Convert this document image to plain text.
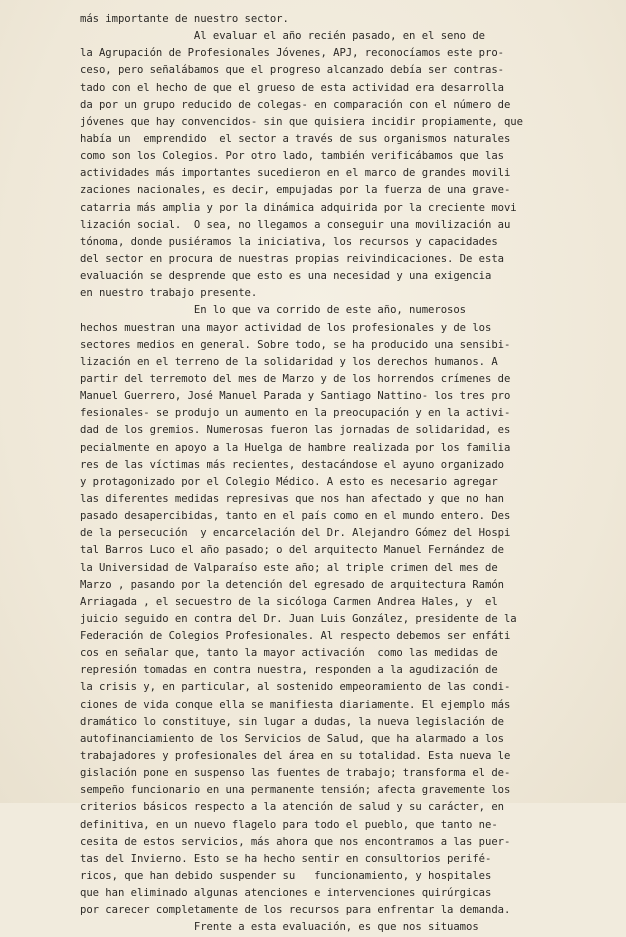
más importante de nuestro sector.
Al evaluar el año recién pasado, en el seno de
la Agrupación de Profesionales Jóvenes, APJ, reconocíamos este pro-
ceso, pero señalábamos que el progreso alcanzado debía ser contras-
tado con el hecho de que el grueso de esta actividad era desarrolla
da por un grupo reducido de colegas- en comparación con el número de
jóvenes que hay convencidos- sin que quisiera incidir propiamente, que
había un  emprendido  el sector a través de sus organismos naturales
como son los Colegios. Por otro lado, también verificábamos que las
actividades más importantes sucedieron en el marco de grandes movili
zaciones nacionales, es decir, empujadas por la fuerza de una grave-
catarria más amplia y por la dinámica adquirida por la creciente movi
lización social.  O sea, no llegamos a conseguir una movilización au
tónoma, donde pusiéramos la iniciativa, los recursos y capacidades
del sector en procura de nuestras propias reivindicaciones. De esta
evaluación se desprende que esto es una necesidad y una exigencia
en nuestro trabajo presente.
En lo que va corrido de este año, numerosos
hechos muestran una mayor actividad de los profesionales y de los
sectores medios en general. Sobre todo, se ha producido una sensibi-
lización en el terreno de la solidaridad y los derechos humanos. A
partir del terremoto del mes de Marzo y de los horrendos crímenes de
Manuel Guerrero, José Manuel Parada y Santiago Nattino- los tres pro
fesionales- se produjo un aumento en la preocupación y en la activi-
dad de los gremios. Numerosas fueron las jornadas de solidaridad, es
pecialmente en apoyo a la Huelga de hambre realizada por los familia
res de las víctimas más recientes, destacándose el ayuno organizado
y protagonizado por el Colegio Médico. A esto es necesario agregar
las diferentes medidas represivas que nos han afectado y que no han
pasado desapercibidas, tanto en el país como en el mundo entero. Des
de la persecución  y encarcelación del Dr. Alejandro Gómez del Hospi
tal Barros Luco el año pasado; o del arquitecto Manuel Fernández de
la Universidad de Valparaíso este año; al triple crimen del mes de
Marzo , pasando por la detención del egresado de arquitectura Ramón
Arriagada , el secuestro de la sicóloga Carmen Andrea Hales, y  el
juicio seguido en contra del Dr. Juan Luis González, presidente de la
Federación de Colegios Profesionales. Al respecto debemos ser enfáti
cos en señalar que, tanto la mayor activación  como las medidas de
represión tomadas en contra nuestra, responden a la agudización de
la crisis y, en particular, al sostenido empeoramiento de las condi-
ciones de vida conque ella se manifiesta diariamente. El ejemplo más
dramático lo constituye, sin lugar a dudas, la nueva legislación de
autofinanciamiento de los Servicios de Salud, que ha alarmado a los
trabajadores y profesionales del área en su totalidad. Esta nueva le
gislación pone en suspenso las fuentes de trabajo; transforma el de-
sempeño funcionario en una permanente tensión; afecta gravemente los
criterios básicos respecto a la atención de salud y su carácter, en
definitiva, en un nuevo flagelo para todo el pueblo, que tanto ne-
cesita de estos servicios, más ahora que nos encontramos a las puer-
tas del Invierno. Esto se ha hecho sentir en consultorios perifé-
ricos, que han debido suspender su   funcionamiento, y hospitales
que han eliminado algunas atenciones e intervenciones quirúrgicas
por carecer completamente de los recursos para enfrentar la demanda.
Frente a esta evaluación, es que nos situamos
